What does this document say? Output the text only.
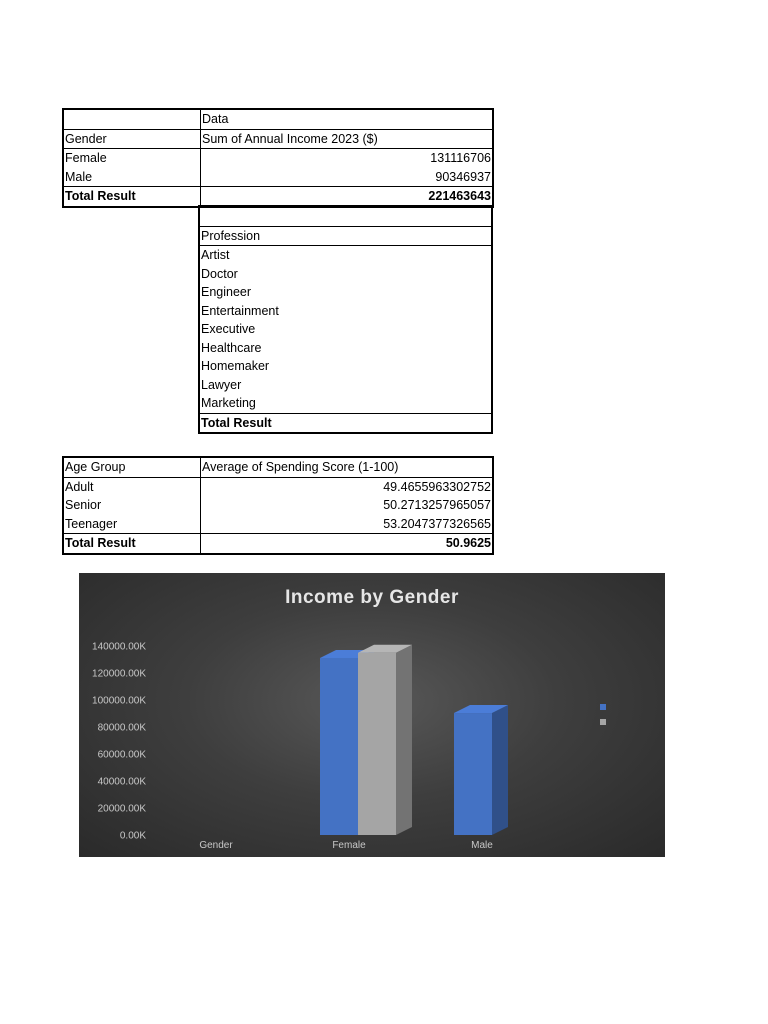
	Data
Gender	Sum of Annual Income 2023 ($)
Female	131116706
Male	90346937
Total Result	221463643

Profession
Artist
Doctor
Engineer
Entertainment
Executive
Healthcare
Homemaker
Lawyer
Marketing
Total Result
Age Group	Average of Spending Score (1-100)
Adult	49.4655963302752
Senior	50.2713257965057
Teenager	53.2047377326565
Total Result	50.9625
Income by Gender
0.00K
20000.00K
40000.00K
60000.00K
80000.00K
100000.00K
120000.00K
140000.00K
Gender	Female	Male
